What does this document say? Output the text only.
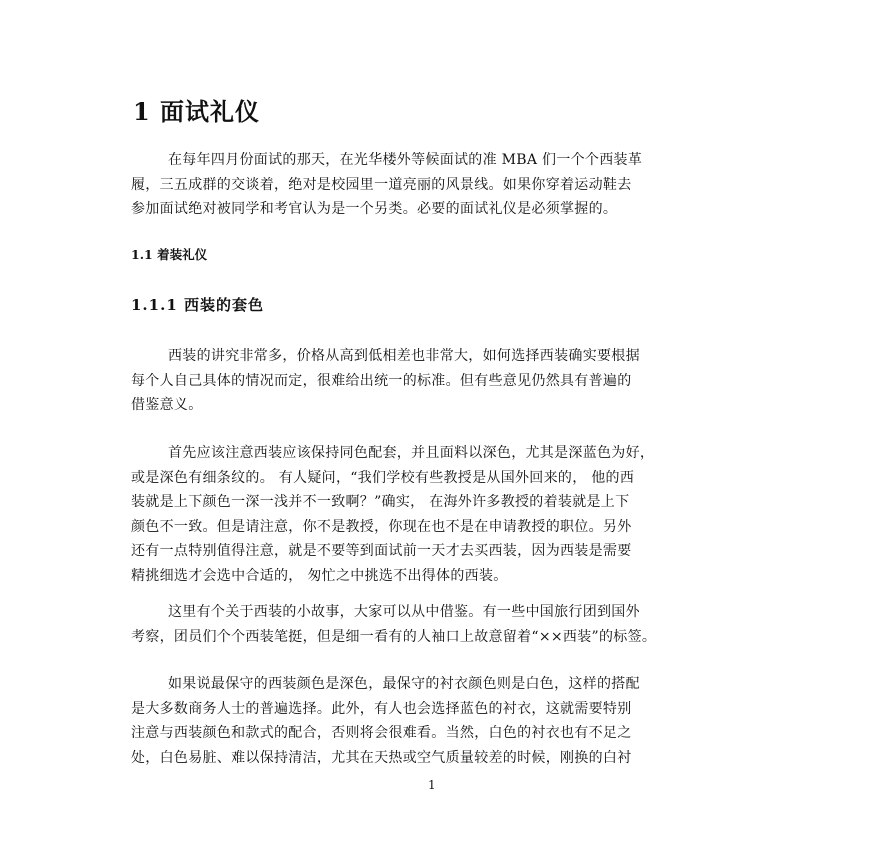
1 面试礼仪
在每年四月份面试的那天，在光华楼外等候面试的准 MBA 们一个个西装革
履，三五成群的交谈着，绝对是校园里一道亮丽的风景线。如果你穿着运动鞋去
参加面试绝对被同学和考官认为是一个另类。必要的面试礼仪是必须掌握的。
1.1 着装礼仪
1.1.1 西装的套色
西装的讲究非常多，价格从高到低相差也非常大，如何选择西装确实要根据
每个人自己具体的情况而定，很难给出统一的标准。但有些意见仍然具有普遍的
借鉴意义。
首先应该注意西装应该保持同色配套，并且面料以深色，尤其是深蓝色为好，
或是深色有细条纹的。 有人疑问，“我们学校有些教授是从国外回来的， 他的西
装就是上下颜色一深一浅并不一致啊？”确实， 在海外许多教授的着装就是上下
颜色不一致。但是请注意，你不是教授，你现在也不是在申请教授的职位。另外
还有一点特别值得注意，就是不要等到面试前一天才去买西装，因为西装是需要
精挑细选才会选中合适的， 匆忙之中挑选不出得体的西装。
这里有个关于西装的小故事，大家可以从中借鉴。有一些中国旅行团到国外
考察，团员们个个西装笔挺，但是细一看有的人袖口上故意留着“××西装”的标签。
如果说最保守的西装颜色是深色，最保守的衬衣颜色则是白色，这样的搭配
是大多数商务人士的普遍选择。此外，有人也会选择蓝色的衬衣，这就需要特别
注意与西装颜色和款式的配合，否则将会很难看。当然，白色的衬衣也有不足之
处，白色易脏、难以保持清洁，尤其在天热或空气质量较差的时候，刚换的白衬
1
